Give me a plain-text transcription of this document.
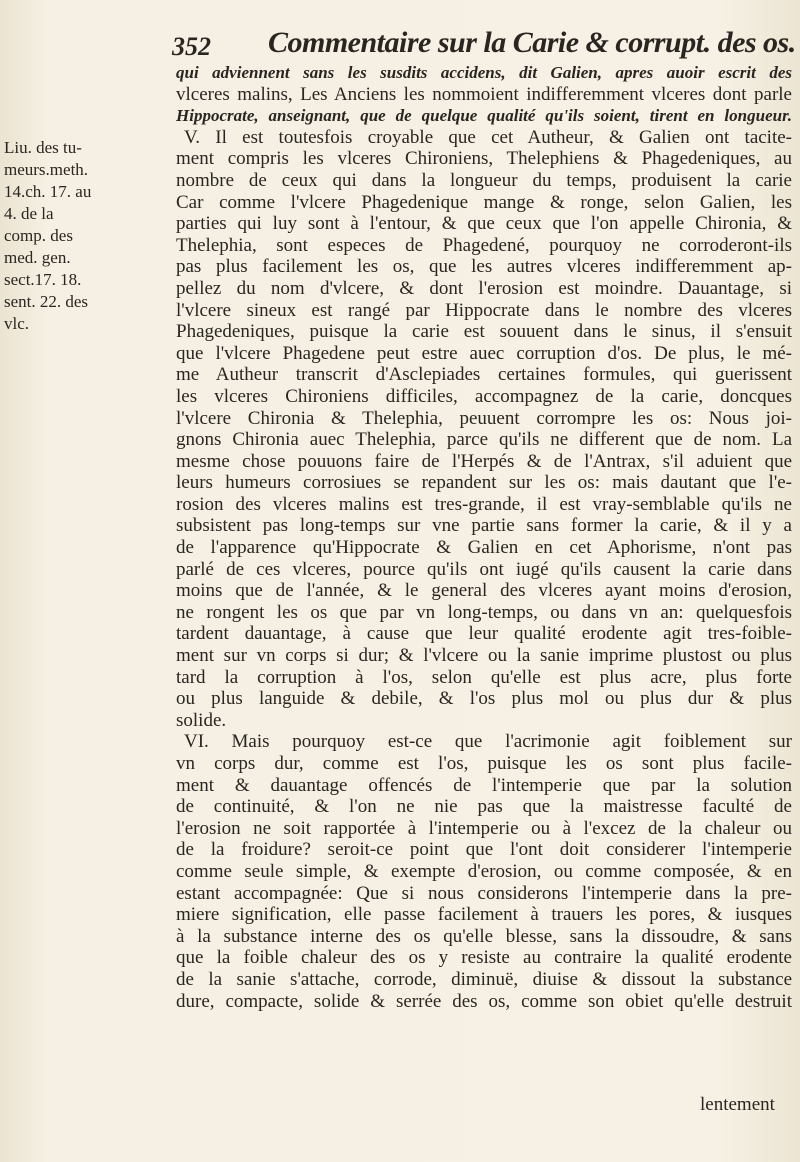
352 Commentaire sur la Carie & corrupt. des os.
Liu. des tu-
meurs.meth.
14.ch. 17. au
4. de la
comp. des
med. gen.
sect.17. 18.
sent. 22. des
vlc.
qui adviennent sans les susdits accidens, dit Galien, apres auoir escrit des
vlceres malins, Les Anciens les nommoient indifferemment vlceres dont parle
Hippocrate, anseignant, que de quelque qualité qu'ils soient, tirent en longueur.
V. Il est toutesfois croyable que cet Autheur, & Galien ont tacite-
ment compris les vlceres Chironiens, Thelephiens & Phagedeniques, au
nombre de ceux qui dans la longueur du temps, produisent la carie
Car comme l'vlcere Phagedenique mange & ronge, selon Galien, les
parties qui luy sont à l'entour, & que ceux que l'on appelle Chironia, &
Thelephia, sont especes de Phagedené, pourquoy ne corroderont-ils
pas plus facilement les os, que les autres vlceres indifferemment ap-
pellez du nom d'vlcere, & dont l'erosion est moindre. Dauantage, si
l'vlcere sineux est rangé par Hippocrate dans le nombre des vlceres
Phagedeniques, puisque la carie est souuent dans le sinus, il s'ensuit
que l'vlcere Phagedene peut estre auec corruption d'os. De plus, le mé-
me Autheur transcrit d'Asclepiades certaines formules, qui guerissent
les vlceres Chironiens difficiles, accompagnez de la carie, doncques
l'vlcere Chironia & Thelephia, peuuent corrompre les os: Nous joi-
gnons Chironia auec Thelephia, parce qu'ils ne different que de nom. La
mesme chose pouuons faire de l'Herpés & de l'Antrax, s'il aduient que
leurs humeurs corrosiues se repandent sur les os: mais dautant que l'e-
rosion des vlceres malins est tres-grande, il est vray-semblable qu'ils ne
subsistent pas long-temps sur vne partie sans former la carie, & il y a
de l'apparence qu'Hippocrate & Galien en cet Aphorisme, n'ont pas
parlé de ces vlceres, pource qu'ils ont iugé qu'ils causent la carie dans
moins que de l'année, & le general des vlceres ayant moins d'erosion,
ne rongent les os que par vn long-temps, ou dans vn an: quelquesfois
tardent dauantage, à cause que leur qualité erodente agit tres-foible-
ment sur vn corps si dur; & l'vlcere ou la sanie imprime plustost ou plus
tard la corruption à l'os, selon qu'elle est plus acre, plus forte
ou plus languide & debile, & l'os plus mol ou plus dur & plus
solide.
VI. Mais pourquoy est-ce que l'acrimonie agit foiblement sur
vn corps dur, comme est l'os, puisque les os sont plus facile-
ment & dauantage offencés de l'intemperie que par la solution
de continuité, & l'on ne nie pas que la maistresse faculté de
l'erosion ne soit rapportée à l'intemperie ou à l'excez de la chaleur ou
de la froidure? seroit-ce point que l'ont doit considerer l'intemperie
comme seule simple, & exempte d'erosion, ou comme composée, & en
estant accompagnée: Que si nous considerons l'intemperie dans la pre-
miere signification, elle passe facilement à trauers les pores, & iusques
à la substance interne des os qu'elle blesse, sans la dissoudre, & sans
que la foible chaleur des os y resiste au contraire la qualité erodente
de la sanie s'attache, corrode, diminuë, diuise & dissout la substance
dure, compacte, solide & serrée des os, comme son obiet qu'elle destruit
lentement
